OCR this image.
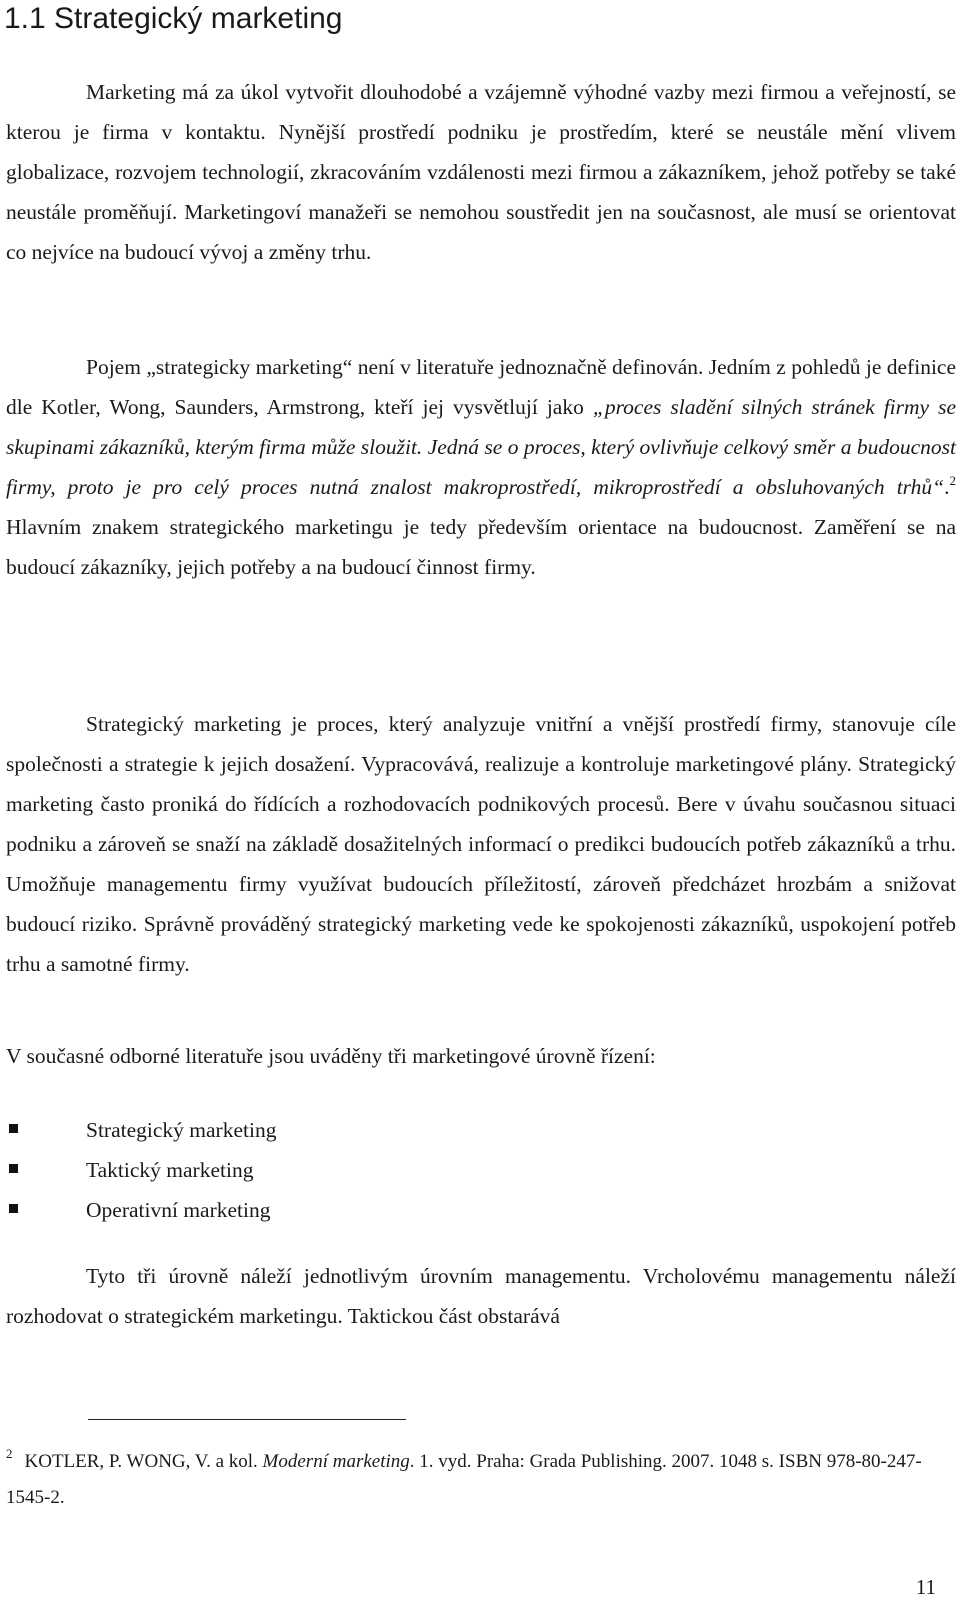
1.1 Strategický marketing

Marketing má za úkol vytvořit dlouhodobé a vzájemně výhodné vazby mezi firmou a veřejností, se kterou je firma v kontaktu. Nynější prostředí podniku je prostředím, které se neustále mění vlivem globalizace, rozvojem technologií, zkracováním vzdálenosti mezi firmou a zákazníkem, jehož potřeby se také neustále proměňují. Marketingoví manažeři se nemohou soustředit jen na současnost, ale musí se orientovat co nejvíce na budoucí vývoj a změny trhu.

Pojem „strategicky marketing“ není v literatuře jednoznačně definován. Jedním z pohledů je definice dle Kotler, Wong, Saunders, Armstrong, kteří jej vysvětlují jako „proces sladění silných stránek firmy se skupinami zákazníků, kterým firma může sloužit. Jedná se o proces, který ovlivňuje celkový směr a budoucnost firmy, proto je pro celý proces nutná znalost makroprostředí, mikroprostředí a obsluhovaných trhů“.$^2$ Hlavním znakem strategického marketingu je tedy především orientace na budoucnost. Zaměření se na budoucí zákazníky, jejich potřeby a na budoucí činnost firmy.

Strategický marketing je proces, který analyzuje vnitřní a vnější prostředí firmy, stanovuje cíle společnosti a strategie k jejich dosažení. Vypracovává, realizuje a kontroluje marketingové plány. Strategický marketing často proniká do řídících a rozhodovacích podnikových procesů. Bere v úvahu současnou situaci podniku a zároveň se snaží na základě dosažitelných informací o predikci budoucích potřeb zákazníků a trhu. Umožňuje managementu firmy využívat budoucích příležitostí, zároveň předcházet hrozbám a snižovat budoucí riziko. Správně prováděný strategický marketing vede ke spokojenosti zákazníků, uspokojení potřeb trhu a samotné firmy.

V současné odborné literatuře jsou uváděny tři marketingové úrovně řízení:

Strategický marketing
Taktický marketing
Operativní marketing

Tyto tři úrovně náleží jednotlivým úrovním managementu. Vrcholovému managementu náleží rozhodovat o strategickém marketingu. Taktickou část obstarává

$^2$ KOTLER, P. WONG, V. a kol. Moderní marketing. 1. vyd. Praha: Grada Publishing. 2007. 1048 s. ISBN 978-80-247-1545-2.

11
